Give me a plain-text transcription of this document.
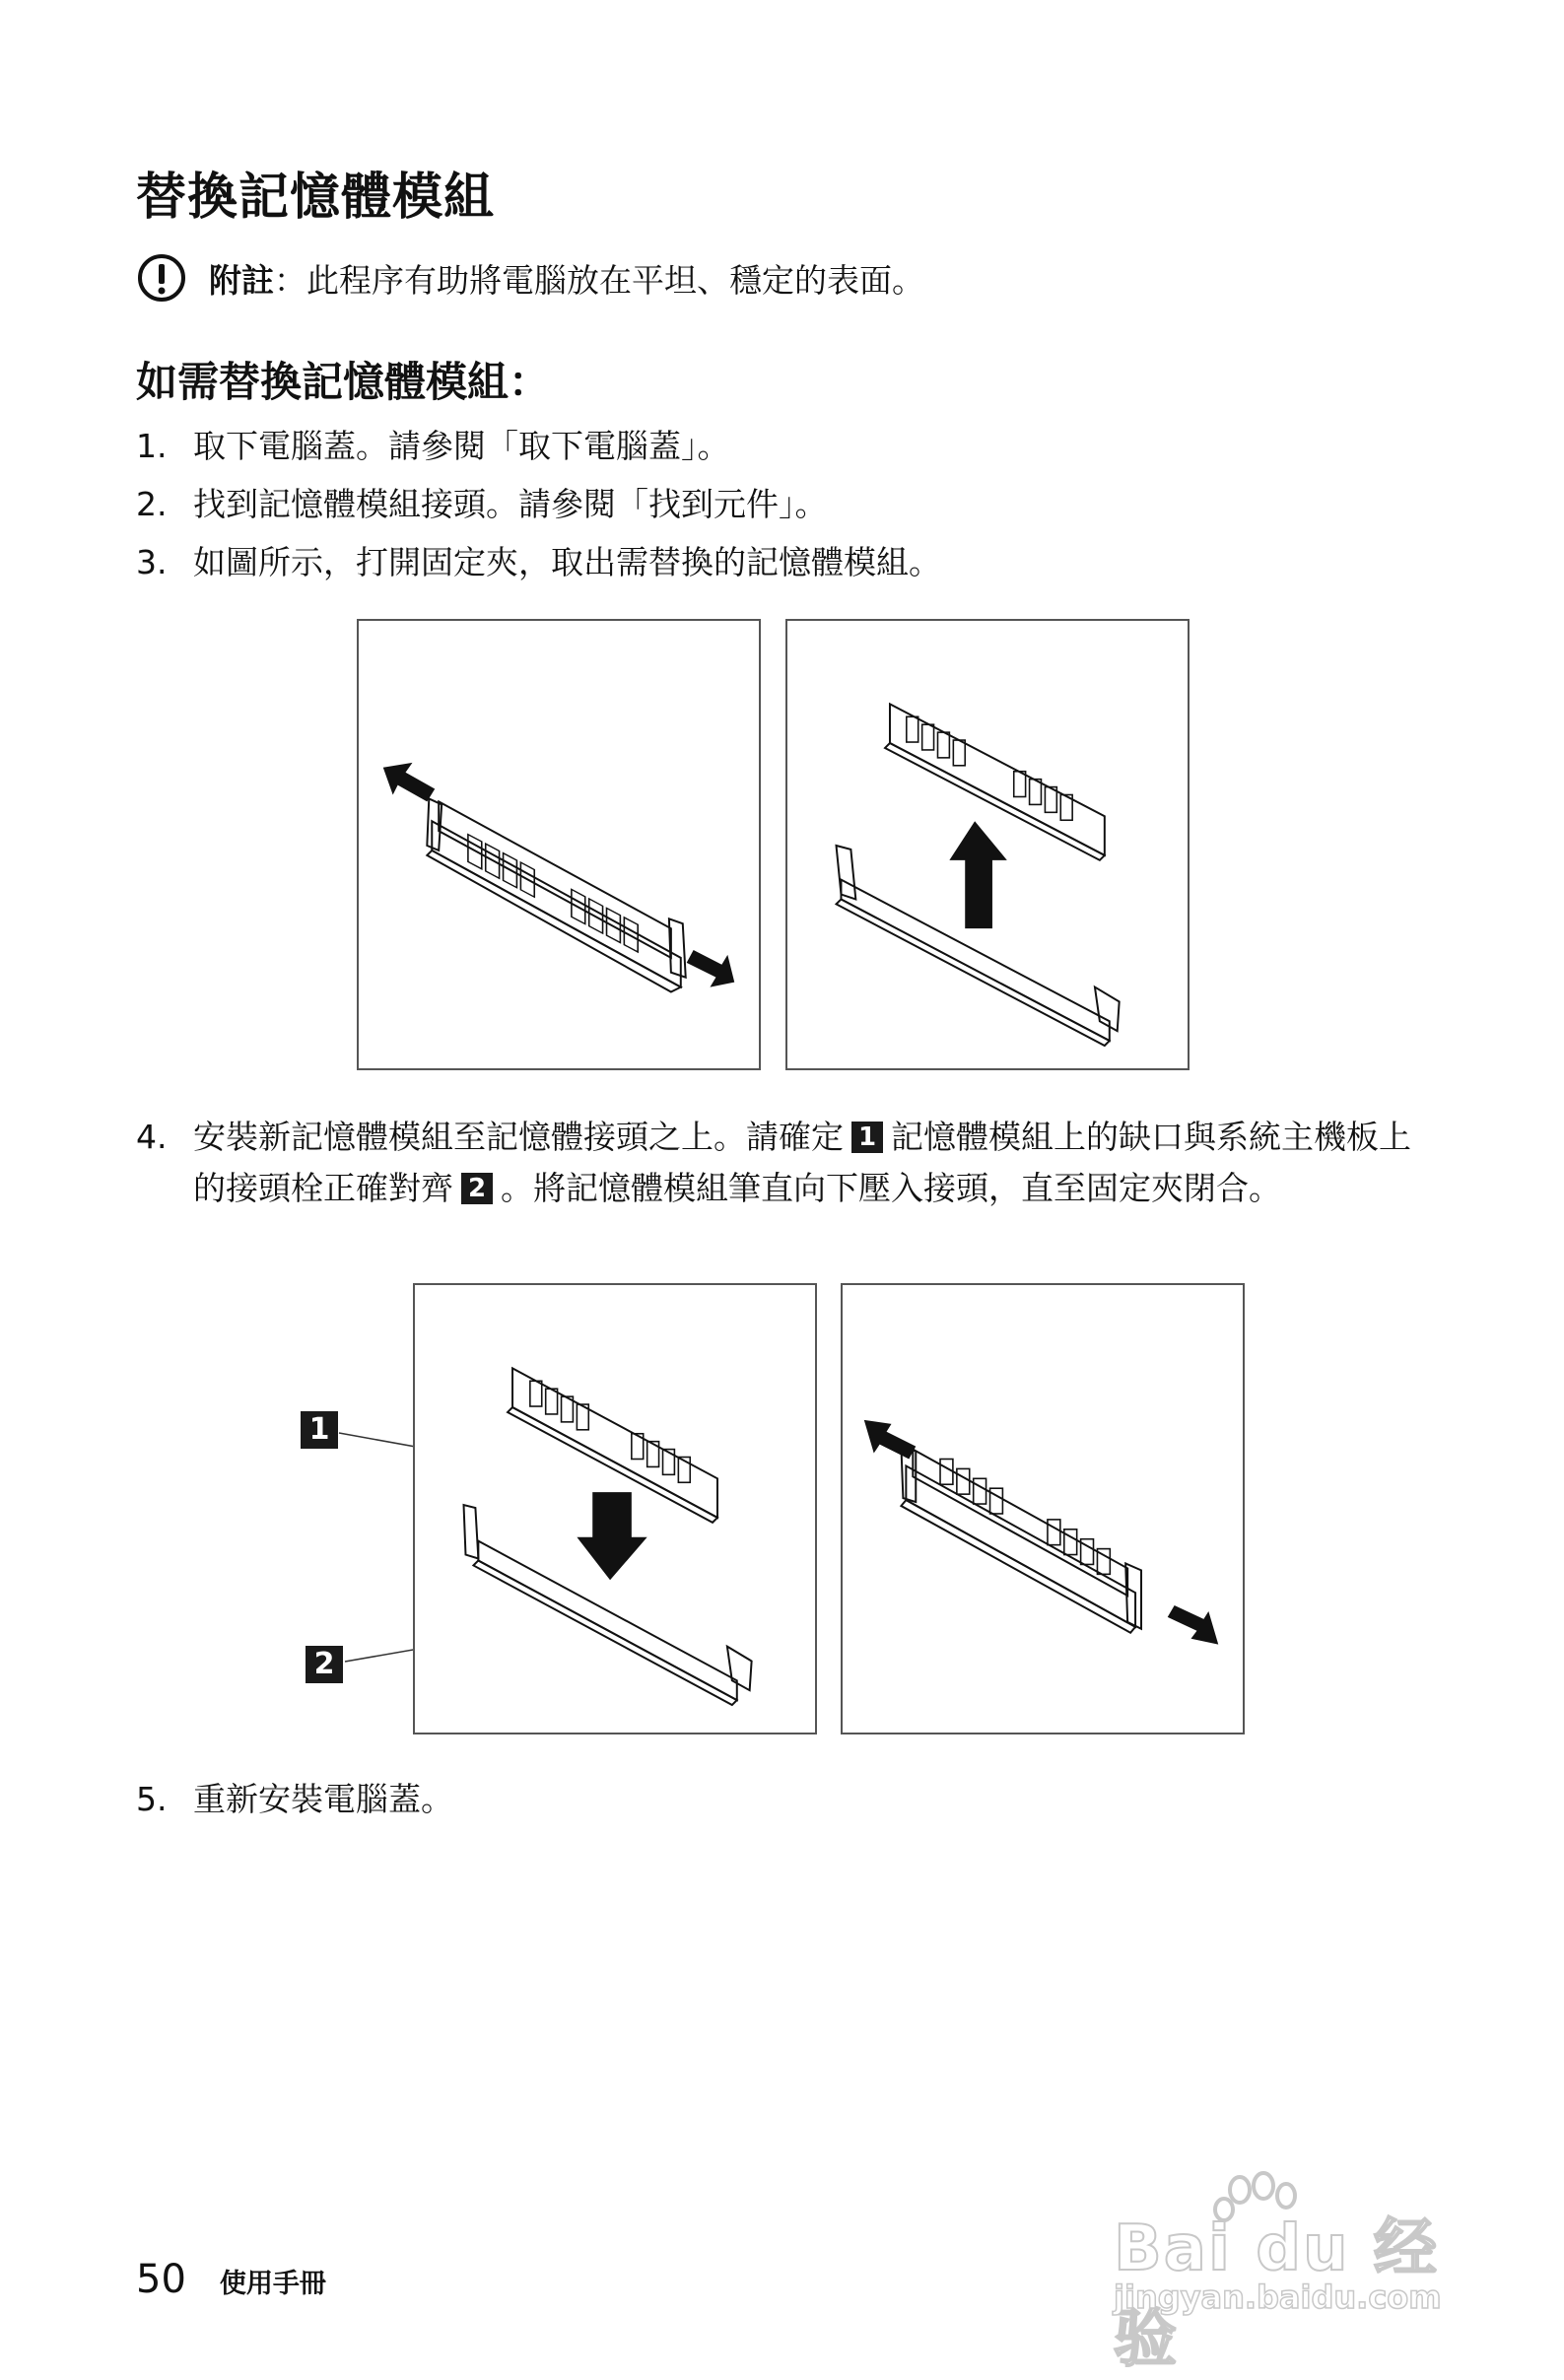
替換記憶體模組
附註 ：此程序有助將電腦放在平坦、穩定的表面。
如需替換記憶體模組：
1. 取下電腦蓋。請參閱「取下電腦蓋」。
2. 找到記憶體模組接頭。請參閱「找到元件」。
3. 如圖所示，打開固定夾，取出需替換的記憶體模組。
4. 安裝新記憶體模組至記憶體接頭之上。請確定 1 記憶體模組上的缺口與系統主機板上的接頭栓正確對齊 2 。將記憶體模組筆直向下壓入接頭，直至固定夾閉合。
1
2
5. 重新安裝電腦蓋。
50 使用手冊	Bai du 经验
jingyan.baidu.com
